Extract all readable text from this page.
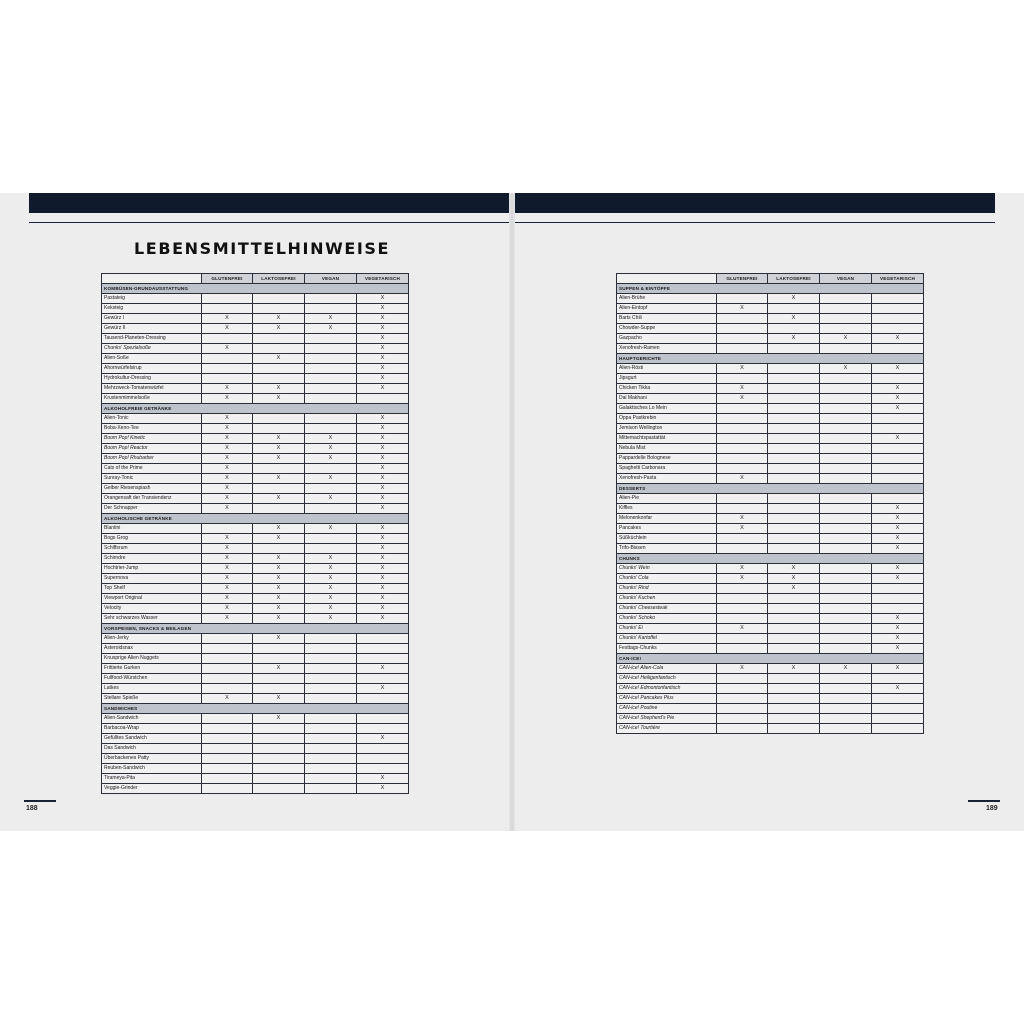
LEBENSMITTELHINWEISE
	GLUTENFREI	LAKTOSEFREI	VEGAN	VEGETARISCH
KOMBÜSEN-GRUNDAUSSTATTUNG				
Pastateig				X
Keksteig				X
Gewürz I	X	X	X	X
Gewürz II	X	X	X	X
Tausend-Planeten-Dressing				X
Chunks' Spezialsoße	X			X
Alien-Soße		X		X
Ahornwürfelsirup				X
Hydrokultur-Dressing				X
Mehrzweck-Tomatenwürfel	X	X		X
Krustenmimmelsoße	X	X		
ALKOHOLFREIE GETRÄNKE				
Alien-Tonic	X			X
Boba-Xeno-Tee	X			X
Boom Pop! Kinetic	X	X	X	X
Boom Pop! Reactor	X	X	X	X
Boom Pop! Rhubarber	X	X	X	X
Cats of the Prime	X			X
Sunray-Tonic	X	X	X	X
Gelber Riesenspiash	X			X
Orangensaft der Transiendenz	X	X	X	X
Der Schnapper	X			X
ALKOHOLISCHE GETRÄNKE				
Blantini		X	X	X
Bogs Grog	X	X		X
Schiffsrum	X			X
Schirndre	X	X	X	X
Hochtrier-Jump	X	X	X	X
Supernova	X	X	X	X
Top Shelf	X	X	X	X
Viewport Original	X	X	X	X
Velocity	X	X	X	X
Sehr schwarzes Wasser	X	X	X	X
VORSPEISEN, SNACKS & BEILAGEN				
Alien-Jerky		X		
Asteroidsnax				
Knusprige Alien Nuggets				
Frittierte Gurken		X		X
Fullfood-Würstchen				
Latkes				X
Stellare Spieße	X	X		
SANDWICHES				
Alien-Sandwich		X		
Barbacoa-Wrap				
Gefülltes Sandwich				X
Das Sandwich				
Überbackenes Patty				
Reuben-Sandwich				
Tirameya-Pita				X
Veggie-Grinder				X
	GLUTENFREI	LAKTOSEFREI	VEGAN	VEGETARISCH
SUPPEN & EINTÖPFE				
Alien-Brühe		X		
Alien-Eintopf	X			
Barts Chili		X		
Chowder-Suppe				
Gazpacho		X	X	X
Xenofresh-Ramen				
HAUPTGERICHTE				
Alien-Rösti	X		X	X
Jipsgurt				
Chicken Tikka	X			X
Dal Makhani	X			X
Galaktisches Lo Mein				X
Oppa Pastkrebin				
Jemison Wellington				
Mittemachtspastattät				X
Nebula Mist				
Pappardelle Bolognese				
Spaghetti Carbonara				
Xenofresh-Pasta	X			
DESSERTS				
Alien-Pie				
Kiffles				X
Melonenkonfar	X			X
Pancakes	X			X
Süßküchlein				X
Trifo-Bissen				X
CHUNKS				
Chunks' Wein	X	X		X
Chunks' Cola	X	X		X
Chunks' Rind		X		
Chunks' Kuchen				
Chunks' Cheesesteak				
Chunks' Schoko				X
Chunks' Ei	X			X
Chunks' Kartoffel				X
Festtags-Chunks				X
CAN-ICE!				
CAN-ice! Alien-Cola	X	X	X	X
CAN-ice! Heiligenfantisch				
CAN-ice! Edmontonfantisch				X
CAN-ice! Pancakes Plus				
CAN-ice! Poutine				
CAN-ice! Shepherd's Pie				
CAN-ice! Tourtière				
188	189
